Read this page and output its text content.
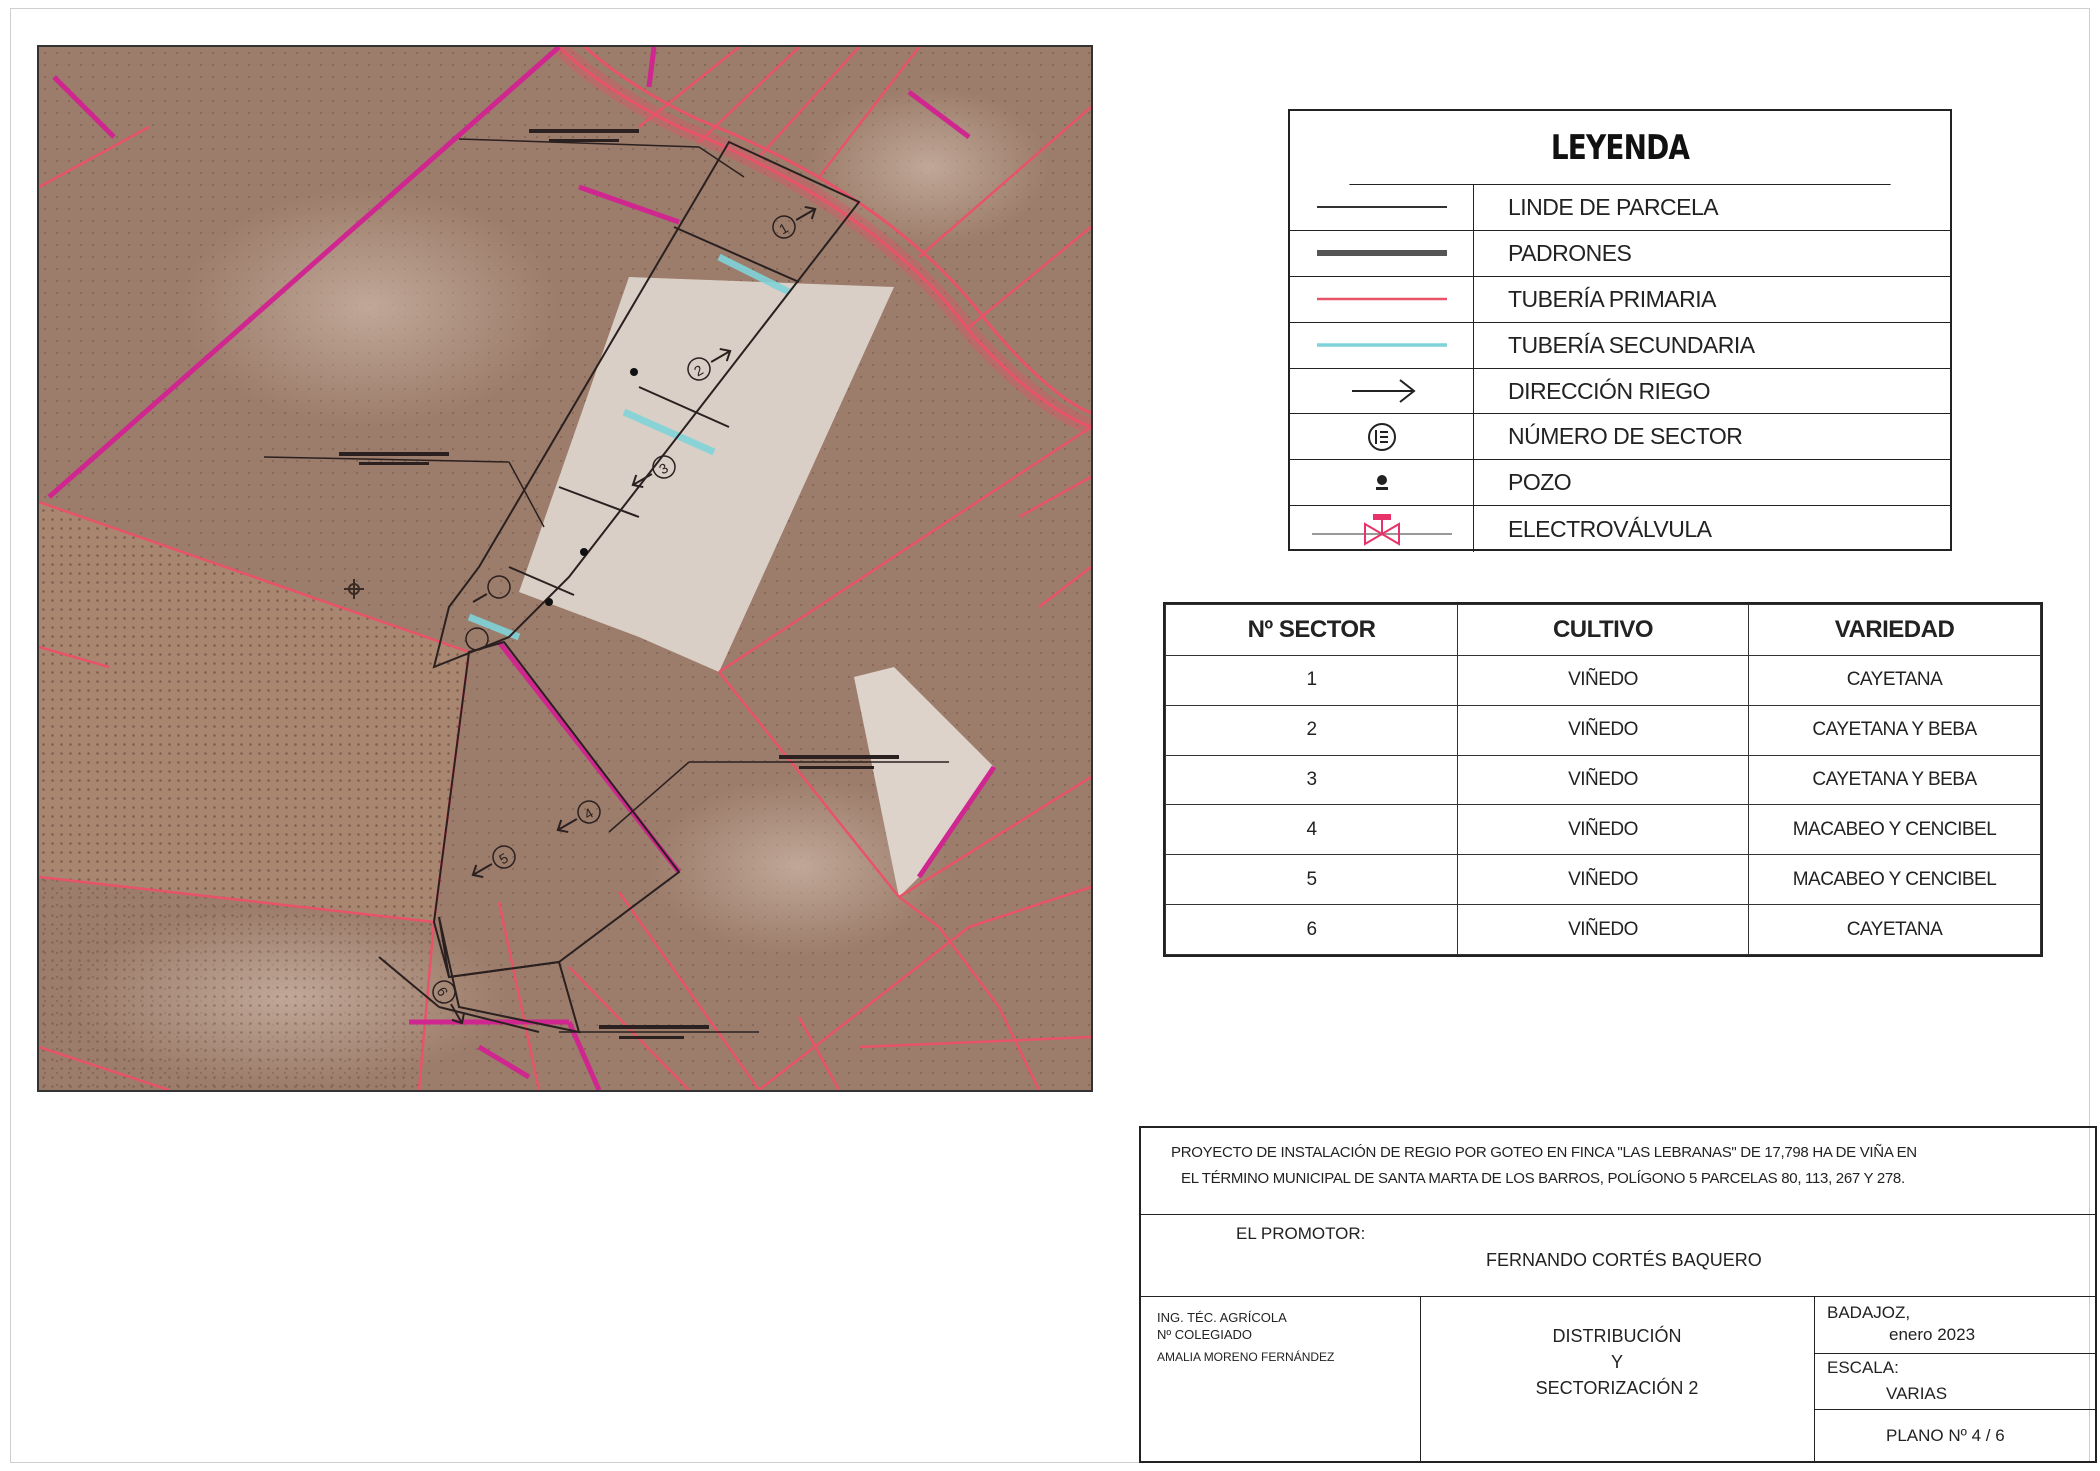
1
2
3
4
5
6
LEYENDA
LINDE DE PARCELA
PADRONES
TUBERÍA PRIMARIA
TUBERÍA SECUNDARIA
DIRECCIÓN RIEGO
NÚMERO DE SECTOR
POZO
ELECTROVÁLVULA
Nº SECTOR	CULTIVO	VARIEDAD
1	VIÑEDO	CAYETANA
2	VIÑEDO	CAYETANA Y BEBA
3	VIÑEDO	CAYETANA Y BEBA
4	VIÑEDO	MACABEO Y CENCIBEL
5	VIÑEDO	MACABEO Y CENCIBEL
6	VIÑEDO	CAYETANA
PROYECTO DE INSTALACIÓN DE REGIO POR GOTEO EN FINCA "LAS LEBRANAS" DE 17,798 HA DE VIÑA EN
EL TÉRMINO MUNICIPAL DE SANTA MARTA DE LOS BARROS, POLÍGONO 5 PARCELAS 80, 113, 267 Y 278.
EL PROMOTOR:
FERNANDO CORTÉS BAQUERO
ING. TÉC. AGRÍCOLA
Nº COLEGIADO
AMALIA MORENO FERNÁNDEZ
DISTRIBUCIÓN
Y
SECTORIZACIÓN 2
BADAJOZ,
enero 2023
ESCALA:
VARIAS
PLANO Nº 4 / 6
